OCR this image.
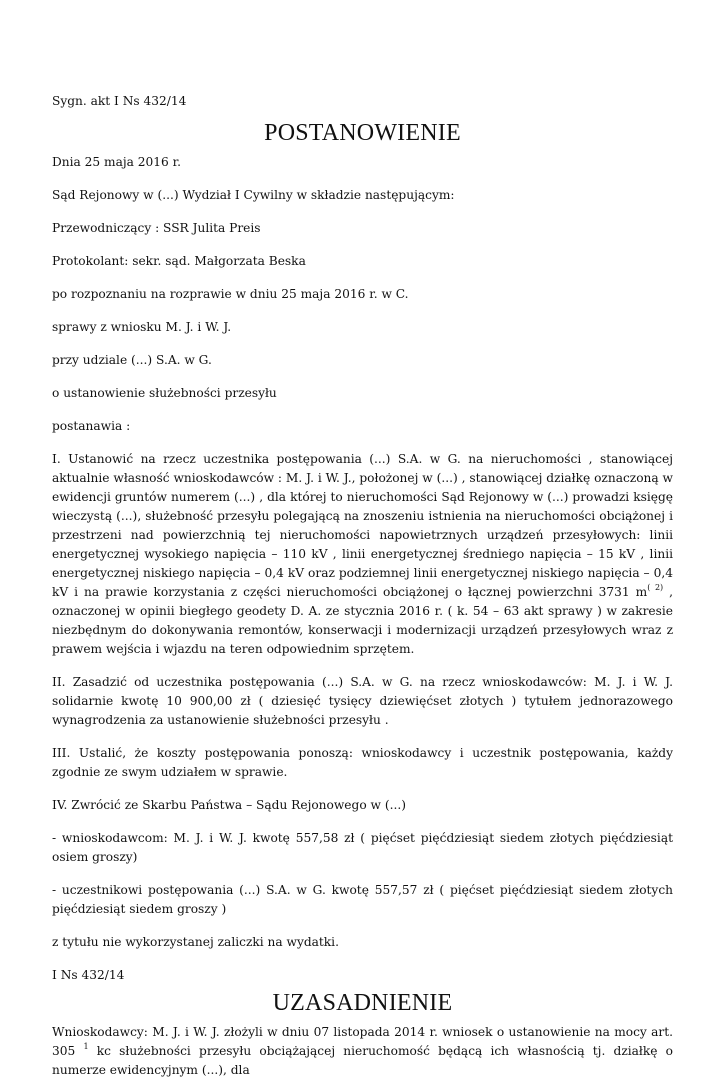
Sygn. akt I Ns 432/14

POSTANOWIENIE

Dnia 25 maja 2016 r.

Sąd Rejonowy w (...) Wydział I Cywilny w składzie następującym:

Przewodniczący : SSR Julita Preis

Protokolant: sekr. sąd. Małgorzata Beska

po rozpoznaniu na rozprawie w dniu 25 maja 2016 r. w C.

sprawy z wniosku M. J. i W. J.

przy udziale (...) S.A. w G.

o ustanowienie służebności przesyłu

postanawia :

I. Ustanowić na rzecz uczestnika postępowania (...) S.A. w G. na nieruchomości , stanowiącej aktualnie własność wnioskodawców : M. J. i W. J., położonej w (...) , stanowiącej działkę oznaczoną w ewidencji gruntów numerem (...) , dla której to nieruchomości Sąd Rejonowy w (...) prowadzi księgę wieczystą (...), służebność przesyłu polegającą na znoszeniu istnienia na nieruchomości obciążonej i przestrzeni nad powierzchnią tej nieruchomości napowietrznych urządzeń przesyłowych: linii energetycznej wysokiego napięcia – 110 kV , linii energetycznej średniego napięcia – 15 kV , linii energetycznej niskiego napięcia – 0,4 kV oraz podziemnej linii energetycznej niskiego napięcia – 0,4 kV i na prawie korzystania z części nieruchomości obciążonej o łącznej powierzchni 3731 $m^{( 2)}$ , oznaczonej w opinii biegłego geodety D. A. ze stycznia 2016 r. ( k. 54 – 63 akt sprawy ) w zakresie niezbędnym do dokonywania remontów, konserwacji i modernizacji urządzeń przesyłowych wraz z prawem wejścia i wjazdu na teren odpowiednim sprzętem.

II. Zasadzić od uczestnika postępowania (...) S.A. w G. na rzecz wnioskodawców: M. J. i W. J. solidarnie kwotę 10 900,00 zł ( dziesięć tysięcy dziewięćset złotych ) tytułem jednorazowego wynagrodzenia za ustanowienie służebności przesyłu .

III. Ustalić, że koszty postępowania ponoszą: wnioskodawcy i uczestnik postępowania, każdy zgodnie ze swym udziałem w sprawie.

IV. Zwrócić ze Skarbu Państwa – Sądu Rejonowego w (...)

- wnioskodawcom: M. J. i W. J. kwotę 557,58 zł ( pięćset pięćdziesiąt siedem złotych pięćdziesiąt osiem groszy)

- uczestnikowi postępowania (...) S.A. w G. kwotę 557,57 zł ( pięćset pięćdziesiąt siedem złotych pięćdziesiąt siedem groszy )

z tytułu nie wykorzystanej zaliczki na wydatki.

I Ns 432/14

UZASADNIENIE

Wnioskodawcy: M. J. i W. J. złożyli w dniu 07 listopada 2014 r. wniosek o ustanowienie na mocy art. 305 $^1$ kc służebności przesyłu obciążającej nieruchomość będącą ich własnością tj. działkę o numerze ewidencyjnym (...), dla
